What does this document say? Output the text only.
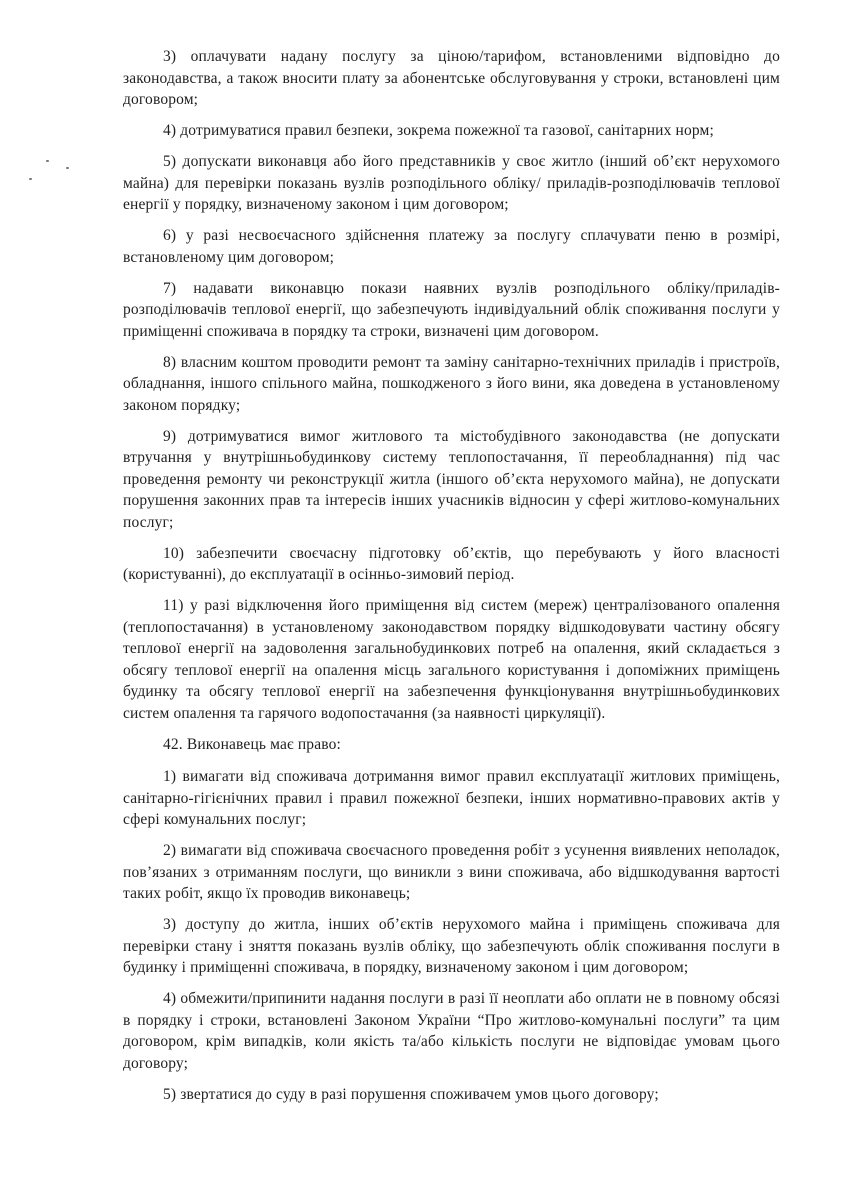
3) оплачувати надану послугу за ціною/тарифом, встановленими відповідно до законодавства, а також вносити плату за абонентське обслуговування у строки, встановлені цим договором;

4) дотримуватися правил безпеки, зокрема пожежної та газової, санітарних норм;

5) допускати виконавця або його представників у своє житло (інший об’єкт нерухомого майна) для перевірки показань вузлів розподільного обліку/ приладів-розподілювачів теплової енергії у порядку, визначеному законом і цим договором;

6) у разі несвоєчасного здійснення платежу за послугу сплачувати пеню в розмірі, встановленому цим договором;

7) надавати виконавцю покази наявних вузлів розподільного обліку/приладів-розподілювачів теплової енергії, що забезпечують індивідуальний облік споживання послуги у приміщенні споживача в порядку та строки, визначені цим договором.

8) власним коштом проводити ремонт та заміну санітарно-технічних приладів і пристроїв, обладнання, іншого спільного майна, пошкодженого з його вини, яка доведена в установленому законом порядку;

9) дотримуватися вимог житлового та містобудівного законодавства (не допускати втручання у внутрішньобудинкову систему теплопостачання, її переобладнання) під час проведення ремонту чи реконструкції житла (іншого об’єкта нерухомого майна), не допускати порушення законних прав та інтересів інших учасників відносин у сфері житлово-комунальних послуг;

10) забезпечити своєчасну підготовку об’єктів, що перебувають у його власності (користуванні), до експлуатації в осінньо-зимовий період.

11) у разі відключення його приміщення від систем (мереж) централізованого опалення (теплопостачання) в установленому законодавством порядку відшкодовувати частину обсягу теплової енергії на задоволення загальнобудинкових потреб на опалення, який складається з обсягу теплової енергії на опалення місць загального користування і допоміжних приміщень будинку та обсягу теплової енергії на забезпечення функціонування внутрішньобудинкових систем опалення та гарячого водопостачання (за наявності циркуляції).

42. Виконавець має право:

1) вимагати від споживача дотримання вимог правил експлуатації житлових приміщень, санітарно-гігієнічних правил і правил пожежної безпеки, інших нормативно-правових актів у сфері комунальних послуг;

2) вимагати від споживача своєчасного проведення робіт з усунення виявлених неполадок, пов’язаних з отриманням послуги, що виникли з вини споживача, або відшкодування вартості таких робіт, якщо їх проводив виконавець;

3) доступу до житла, інших об’єктів нерухомого майна і приміщень споживача для перевірки стану і зняття показань вузлів обліку, що забезпечують облік споживання послуги в будинку і приміщенні споживача, в порядку, визначеному законом і цим договором;

4) обмежити/припинити надання послуги в разі її неоплати або оплати не в повному обсязі в порядку і строки, встановлені Законом України “Про житлово-комунальні послуги” та цим договором, крім випадків, коли якість та/або кількість послуги не відповідає умовам цього договору;

5) звертатися до суду в разі порушення споживачем умов цього договору;
